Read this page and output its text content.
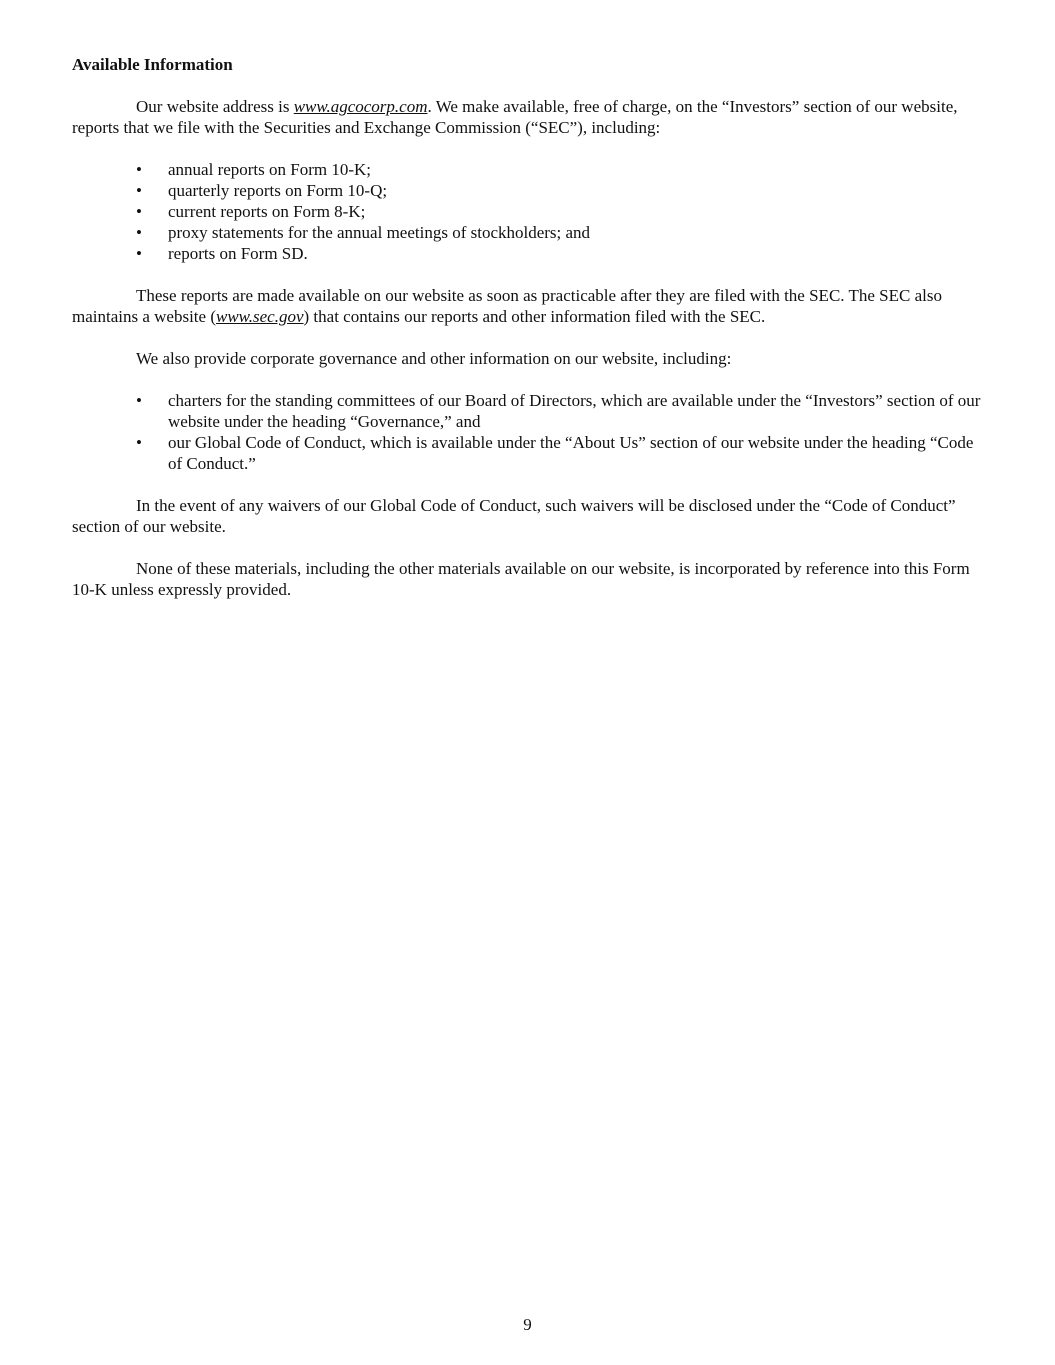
Available Information

Our website address is www.agcocorp.com. We make available, free of charge, on the “Investors” section of our website, reports that we file with the Securities and Exchange Commission (“SEC”), including:

• annual reports on Form 10-K;
• quarterly reports on Form 10-Q;
• current reports on Form 8-K;
• proxy statements for the annual meetings of stockholders; and
• reports on Form SD.

These reports are made available on our website as soon as practicable after they are filed with the SEC. The SEC also maintains a website (www.sec.gov) that contains our reports and other information filed with the SEC.

We also provide corporate governance and other information on our website, including:

• charters for the standing committees of our Board of Directors, which are available under the “Investors” section of our website under the heading “Governance,” and
• our Global Code of Conduct, which is available under the “About Us” section of our website under the heading “Code of Conduct.”

In the event of any waivers of our Global Code of Conduct, such waivers will be disclosed under the “Code of Conduct” section of our website.

None of these materials, including the other materials available on our website, is incorporated by reference into this Form 10-K unless expressly provided.

9
